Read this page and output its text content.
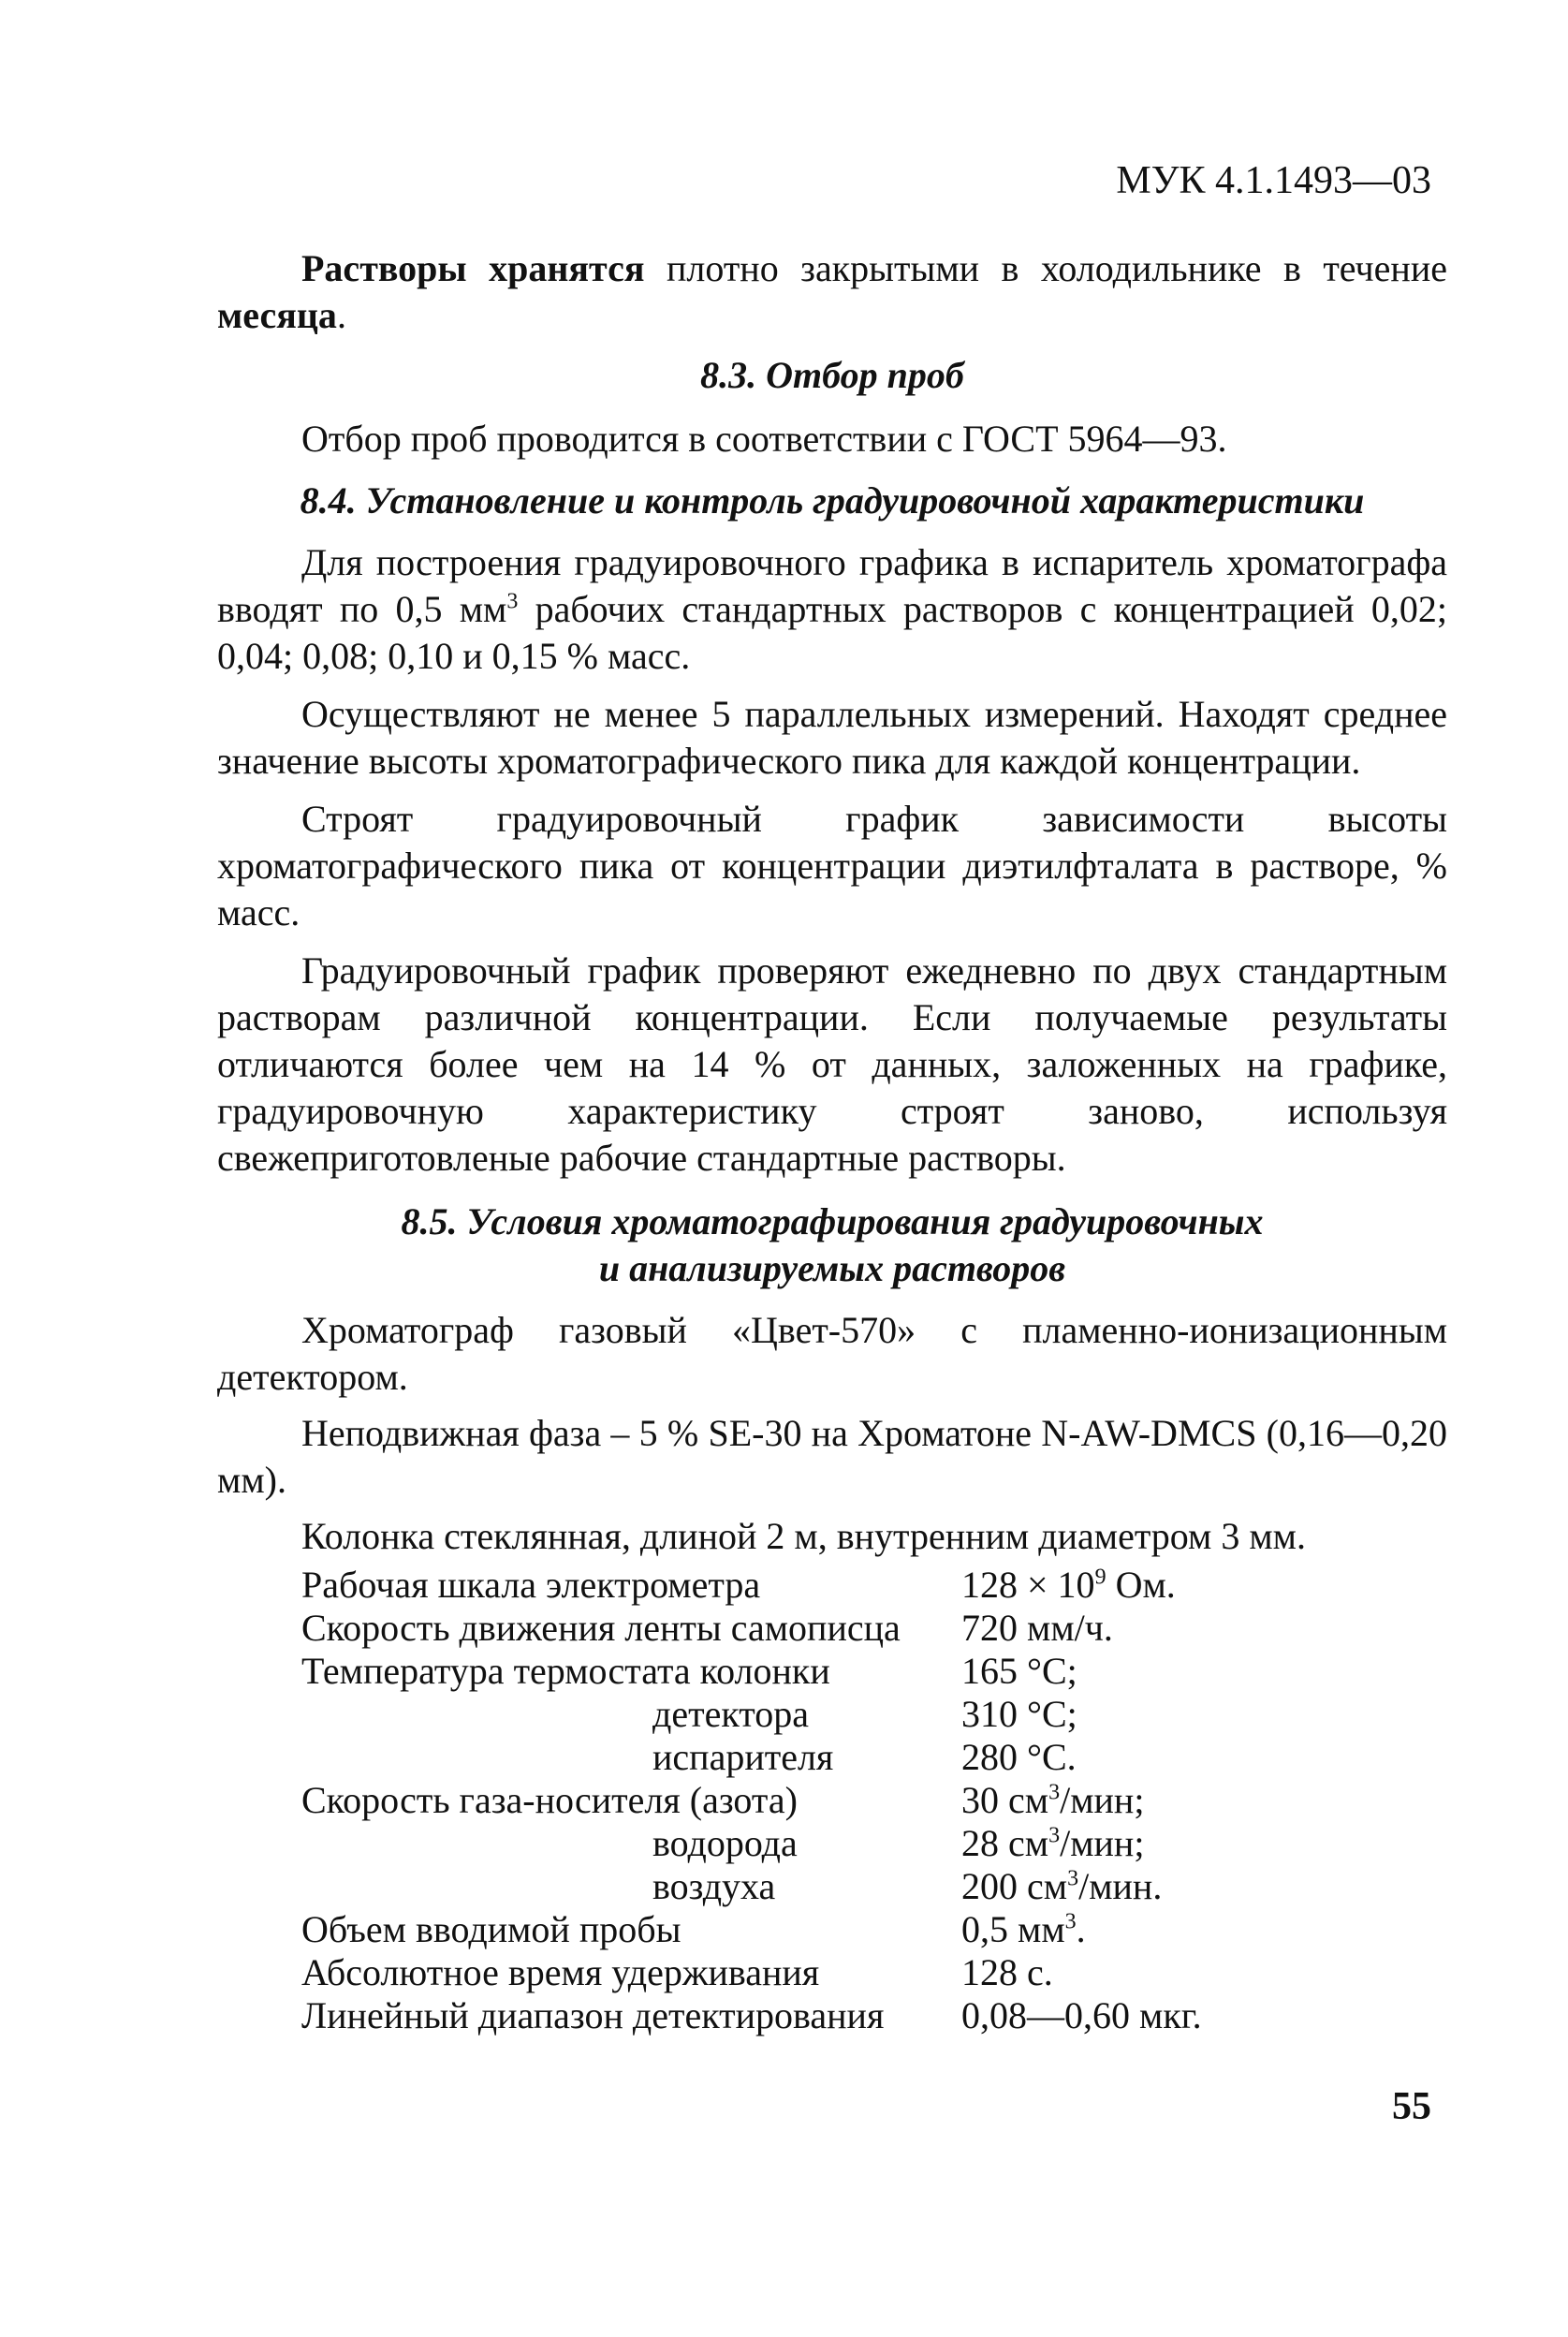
МУК 4.1.1493—03

Растворы хранятся плотно закрытыми в холодильнике в течение месяца.

8.3. Отбор проб

Отбор проб проводится в соответствии с ГОСТ 5964—93.

8.4. Установление и контроль градуировочной характеристики

Для построения градуировочного графика в испаритель хроматографа вводят по 0,5 $мм^3$ рабочих стандартных растворов с концентрацией 0,02; 0,04; 0,08; 0,10 и 0,15 % масс.

Осуществляют не менее 5 параллельных измерений. Находят среднее значение высоты хроматографического пика для каждой концентрации.

Строят градуировочный график зависимости высоты хроматографического пика от концентрации диэтилфталата в растворе, % масс.

Градуировочный график проверяют ежедневно по двух стандартным растворам различной концентрации. Если получаемые результаты отличаются более чем на 14 % от данных, заложенных на графике, градуировочную характеристику строят заново, используя свежеприготовленые рабочие стандартные растворы.

8.5. Условия хроматографирования градуировочных
и анализируемых растворов

Хроматограф газовый «Цвет-570» с пламенно-ионизационным детектором.

Неподвижная фаза – 5 % SE-30 на Хроматоне N-AW-DMCS (0,16—0,20 мм).

Колонка стеклянная, длиной 2 м, внутренним диаметром 3 мм.

Рабочая шкала электрометра	$128 \times 10^9$ Ом.
Скорость движения ленты самописца 720 мм/ч.
Температура термостата колонки	165 °С;
детектора	310 °С;
испарителя	280 °С.
Скорость газа-носителя (азота)	30 $см^3$/мин;
водорода	28 $см^3$/мин;
воздуха	200 $см^3$/мин.
Объем вводимой пробы	0,5 $мм^3$.
Абсолютное время удерживания	128 с.
Линейный диапазон детектирования 0,08—0,60 мкг.
55
